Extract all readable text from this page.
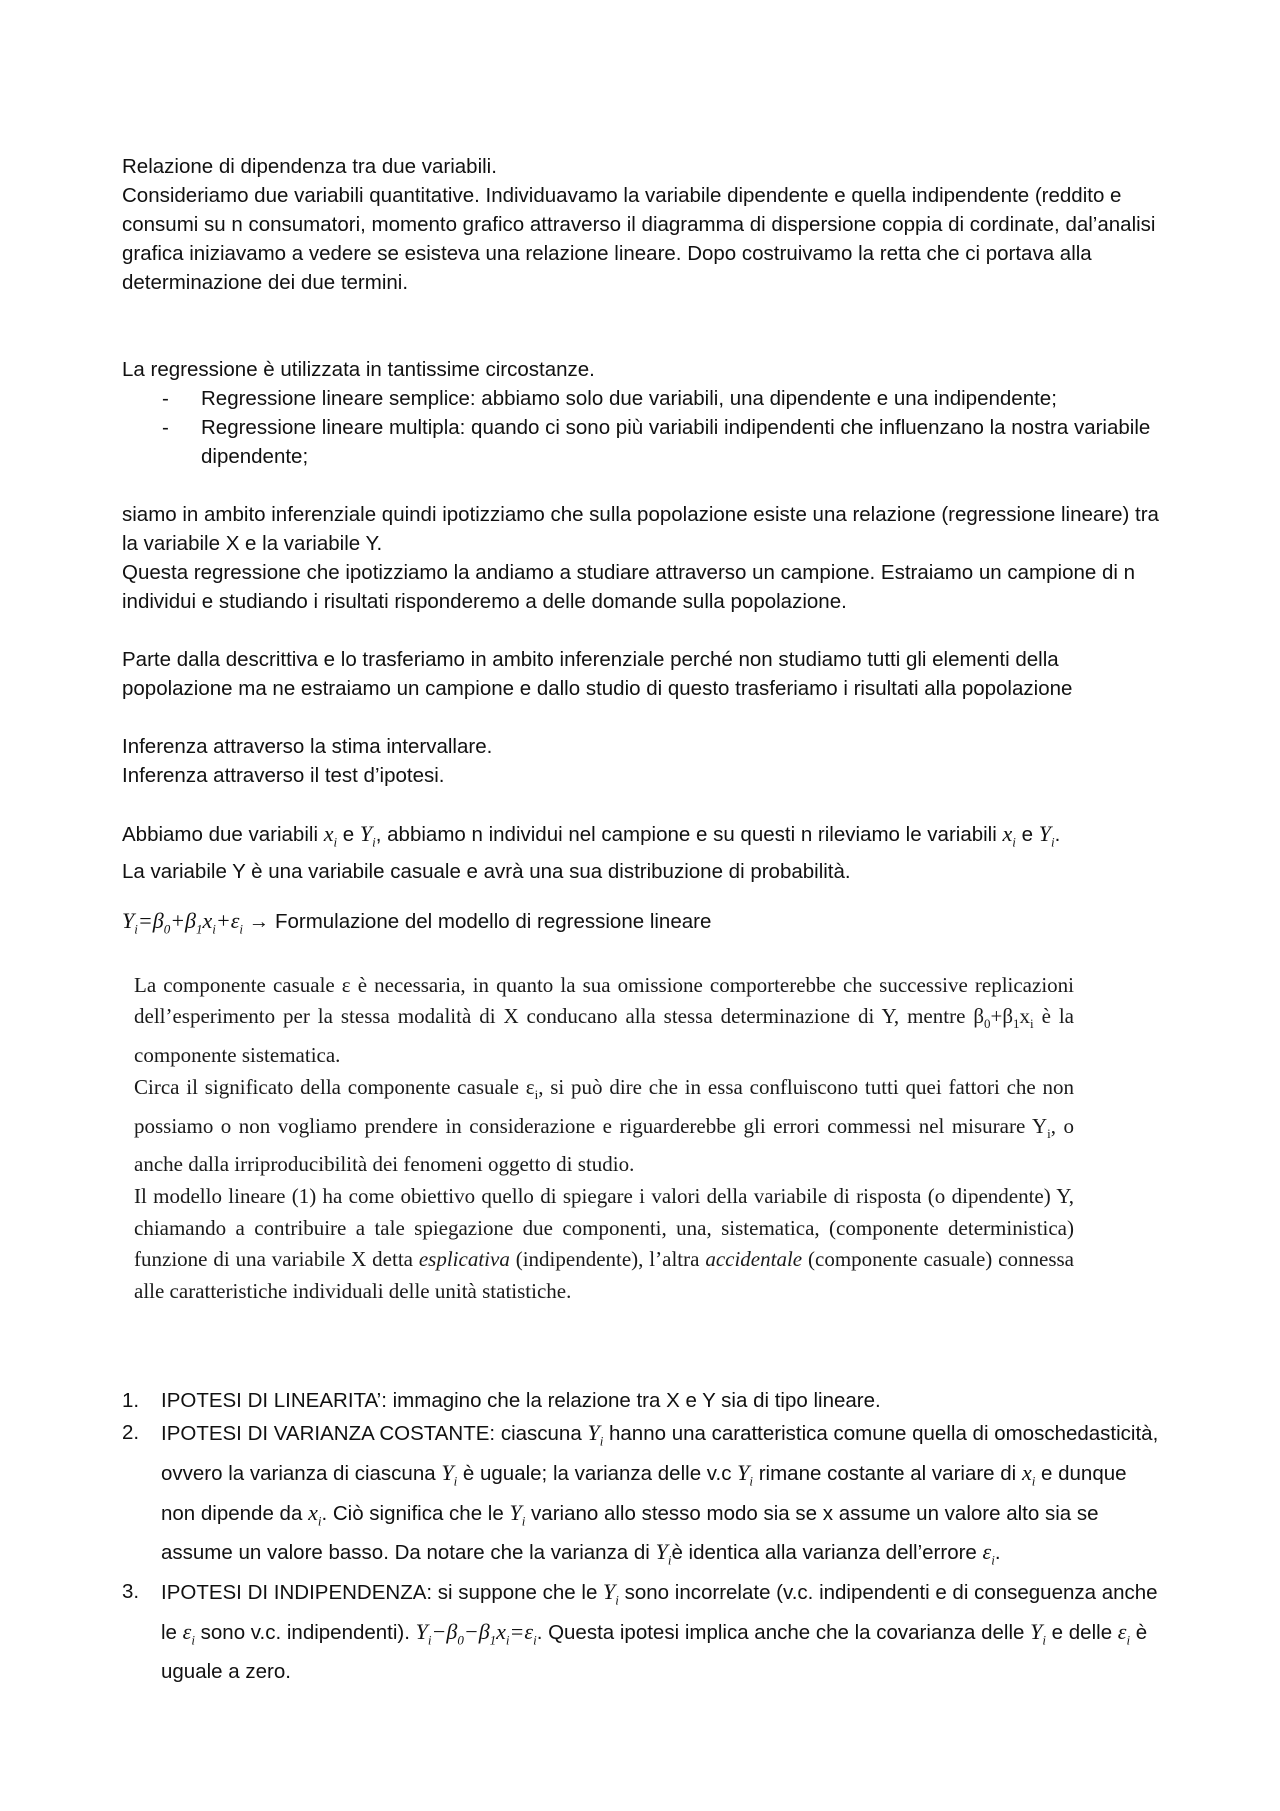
Relazione di dipendenza tra due variabili.

Consideriamo due variabili quantitative. Individuavamo la variabile dipendente e quella indipendente (reddito e consumi su n consumatori, momento grafico attraverso il diagramma di dispersione coppia di cordinate, dal’analisi grafica iniziavamo a vedere se esisteva una relazione lineare. Dopo costruivamo la retta che ci portava alla determinazione dei due termini.

La regressione è utilizzata in tantissime circostanze.

- Regressione lineare semplice: abbiamo solo due variabili, una dipendente e una indipendente;
- Regressione lineare multipla: quando ci sono più variabili indipendenti che influenzano la nostra variabile dipendente;

siamo in ambito inferenziale quindi ipotizziamo che sulla popolazione esiste una relazione (regressione lineare) tra la variabile X e la variabile Y.

Questa regressione che ipotizziamo la andiamo a studiare attraverso un campione. Estraiamo un campione di n individui e studiando i risultati risponderemo a delle domande sulla popolazione.

Parte dalla descrittiva e lo trasferiamo in ambito inferenziale perché non studiamo tutti gli elementi della popolazione ma ne estraiamo un campione e dallo studio di questo trasferiamo i risultati alla popolazione

Inferenza attraverso la stima intervallare.

Inferenza attraverso il test d’ipotesi.

Abbiamo due variabili $x_i$ e $Y_i$, abbiamo n individui nel campione e su questi n rileviamo le variabili $x_i$ e $Y_i$.

La variabile Y è una variabile casuale e avrà una sua distribuzione di probabilità.

$Y_i=\beta_0+\beta_1x_i+\varepsilon_i$ → Formulazione del modello di regressione lineare

La componente casuale ε è necessaria, in quanto la sua omissione comporterebbe che successive replicazioni dell’esperimento per la stessa modalità di X conducano alla stessa determinazione di Y, mentre $\beta_0+\beta_1x_i$ è la componente sistematica.

Circa il significato della componente casuale $\varepsilon_i$, si può dire che in essa confluiscono tutti quei fattori che non possiamo o non vogliamo prendere in considerazione e riguarderebbe gli errori commessi nel misurare $Y_i$, o anche dalla irriproducibilità dei fenomeni oggetto di studio.

Il modello lineare (1) ha come obiettivo quello di spiegare i valori della variabile di risposta (o dipendente) Y, chiamando a contribuire a tale spiegazione due componenti, una, sistematica, (componente deterministica) funzione di una variabile X detta esplicativa (indipendente), l’altra accidentale (componente casuale) connessa alle caratteristiche individuali delle unità statistiche.

1. IPOTESI DI LINEARITA’: immagino che la relazione tra X e Y sia di tipo lineare.
2. IPOTESI DI VARIANZA COSTANTE: ciascuna $Y_i$ hanno una caratteristica comune quella di omoschedasticità, ovvero la varianza di ciascuna $Y_i$ è uguale; la varianza delle v.c $Y_i$ rimane costante al variare di $x_i$ e dunque non dipende da $x_i$. Ciò significa che le $Y_i$ variano allo stesso modo sia se x assume un valore alto sia se assume un valore basso. Da notare che la varianza di $Y_iè$ identica alla varianza dell’errore $\varepsilon_i$.
3. IPOTESI DI INDIPENDENZA: si suppone che le $Y_i$ sono incorrelate (v.c. indipendenti e di conseguenza anche le $\varepsilon_i$ sono v.c. indipendenti). $Y_i-\beta_0-\beta_1x_i=\varepsilon_i$. Questa ipotesi implica anche che la covarianza delle $Y_i$ e delle $\varepsilon_i$ è uguale a zero.
